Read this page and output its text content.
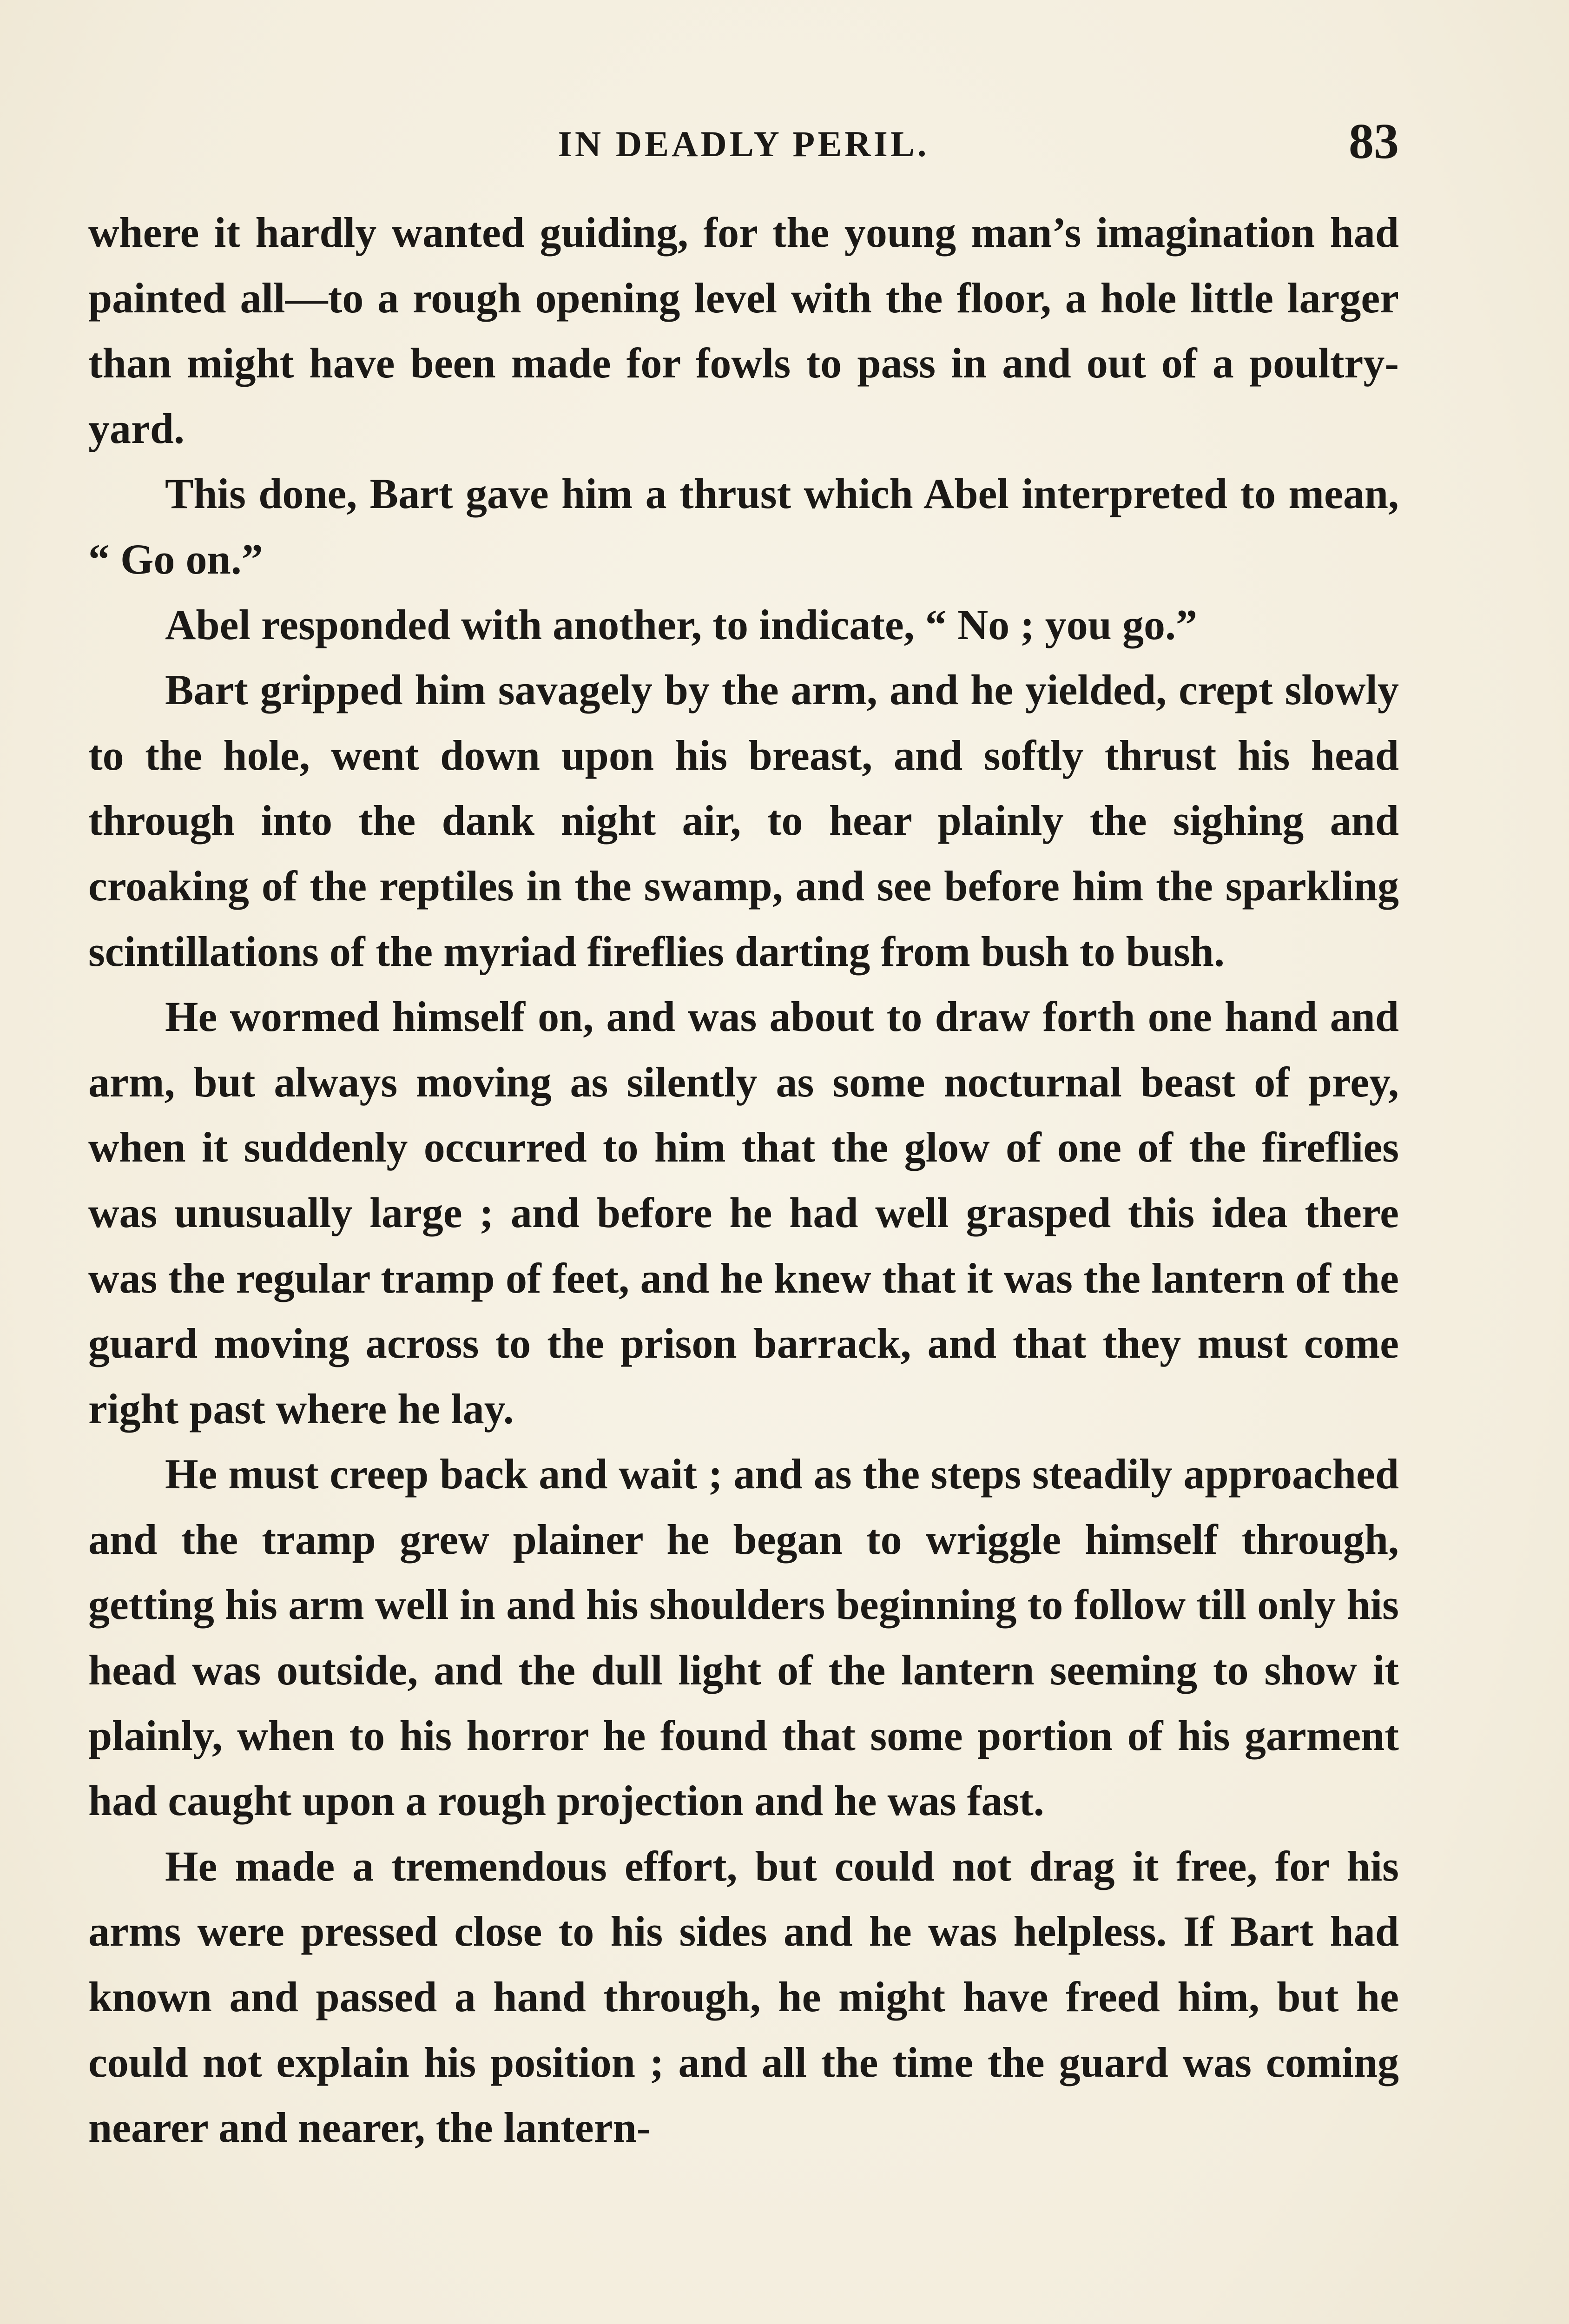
IN DEADLY PERIL.	83

where it hardly wanted guiding, for the young man’s imagination had painted all—to a rough opening level with the floor, a hole little larger than might have been made for fowls to pass in and out of a poultry-yard.

This done, Bart gave him a thrust which Abel interpreted to mean, “ Go on.”

Abel responded with another, to indicate, “ No ; you go.”

Bart gripped him savagely by the arm, and he yielded, crept slowly to the hole, went down upon his breast, and softly thrust his head through into the dank night air, to hear plainly the sighing and croaking of the reptiles in the swamp, and see before him the sparkling scintillations of the myriad fireflies darting from bush to bush.

He wormed himself on, and was about to draw forth one hand and arm, but always moving as silently as some nocturnal beast of prey, when it suddenly occurred to him that the glow of one of the fireflies was unusually large ; and before he had well grasped this idea there was the regular tramp of feet, and he knew that it was the lantern of the guard moving across to the prison barrack, and that they must come right past where he lay.

He must creep back and wait ; and as the steps steadily approached and the tramp grew plainer he began to wriggle himself through, getting his arm well in and his shoulders beginning to follow till only his head was outside, and the dull light of the lantern seeming to show it plainly, when to his horror he found that some portion of his garment had caught upon a rough projection and he was fast.

He made a tremendous effort, but could not drag it free, for his arms were pressed close to his sides and he was helpless. If Bart had known and passed a hand through, he might have freed him, but he could not explain his position ; and all the time the guard was coming nearer and nearer, the lantern-
